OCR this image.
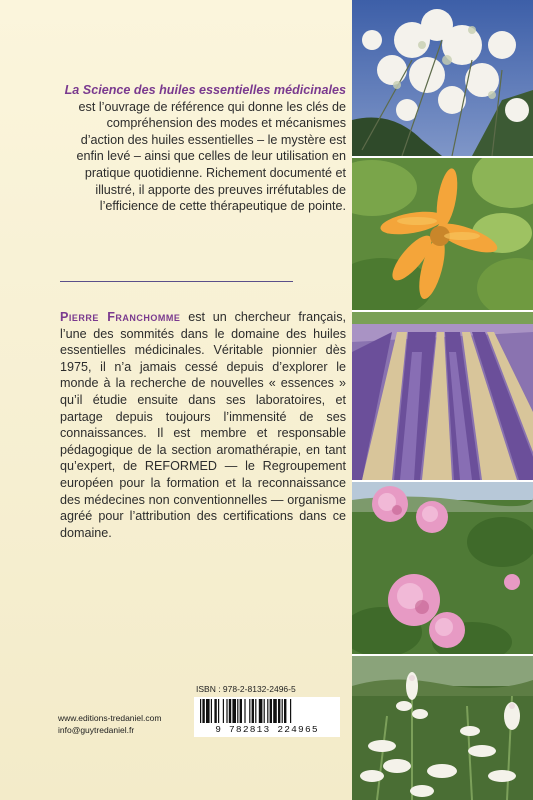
La Science des huiles essentielles médicinales est l’ouvrage de référence qui donne les clés de compréhension des modes et mécanismes d’action des huiles essentielles – le mystère est enfin levé – ainsi que celles de leur utilisation en pratique quotidienne. Richement documenté et illustré, il apporte des preuves irréfutables de l’efficience de cette thérapeutique de pointe.
Pierre Franchomme est un chercheur français, l’une des sommités dans le domaine des huiles essentielles médicinales. Véritable pionnier dès 1975, il n’a jamais cessé depuis d’explorer le monde à la recherche de nouvelles « essences » qu’il étudie ensuite dans ses laboratoires, et partage depuis toujours l’immensité de ses connaissances. Il est membre et responsable pédagogique de la section aromathérapie, en tant qu’expert, de REFORMED — le Regroupement européen pour la formation et la reconnaissance des médecines non conventionnelles — organisme agréé pour l’attribution des certifications dans ce domaine.
ISBN : 978-2-8132-2496-5
9 782813 224965
www.editions-tredaniel.com
info@guytredaniel.fr
